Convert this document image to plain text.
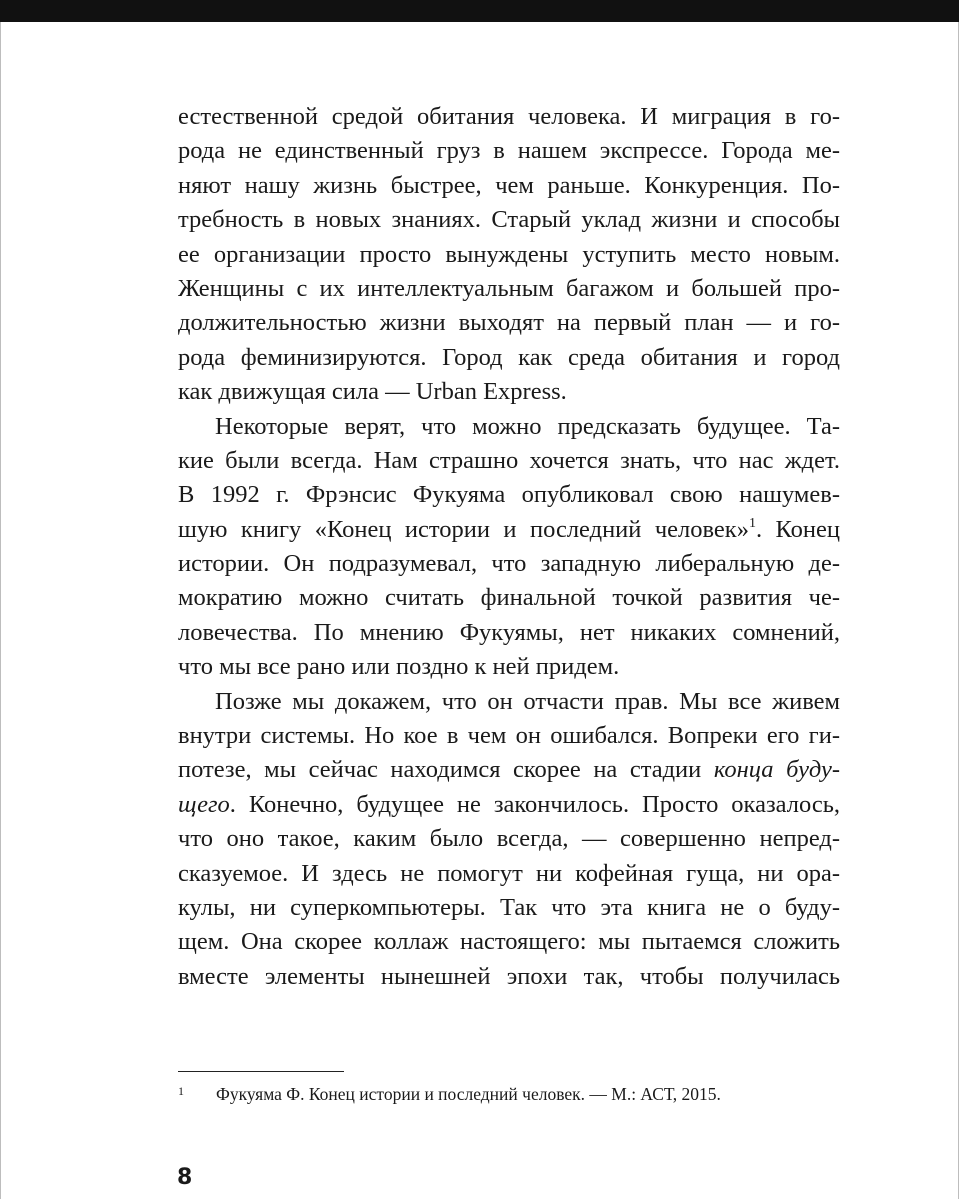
естественной средой обитания человека. И миграция в го-
рода не единственный груз в нашем экспрессе. Города ме-
няют нашу жизнь быстрее, чем раньше. Конкуренция. По-
требность в новых знаниях. Старый уклад жизни и способы
ее организации просто вынуждены уступить место новым.
Женщины с их интеллектуальным багажом и большей про-
должительностью жизни выходят на первый план — и го-
рода феминизируются. Город как среда обитания и город
как движущая сила — Urban Express.
Некоторые верят, что можно предсказать будущее. Та-
кие были всегда. Нам страшно хочется знать, что нас ждет.
В 1992 г. Фрэнсис Фукуяма опубликовал свою нашумев-
шую книгу «Конец истории и последний человек»$^1$. Конец
истории. Он подразумевал, что западную либеральную де-
мократию можно считать финальной точкой развития че-
ловечества. По мнению Фукуямы, нет никаких сомнений,
что мы все рано или поздно к ней придем.
Позже мы докажем, что он отчасти прав. Мы все живем
внутри системы. Но кое в чем он ошибался. Вопреки его ги-
потезе, мы сейчас находимся скорее на стадии конца буду-
щего. Конечно, будущее не закончилось. Просто оказалось,
что оно такое, каким было всегда, — совершенно непред-
сказуемое. И здесь не помогут ни кофейная гуща, ни ора-
кулы, ни суперкомпьютеры. Так что эта книга не о буду-
щем. Она скорее коллаж настоящего: мы пытаемся сложить
вместе элементы нынешней эпохи так, чтобы получилась
1 Фукуяма Ф. Конец истории и последний человек. — М.: АСТ, 2015.
8
